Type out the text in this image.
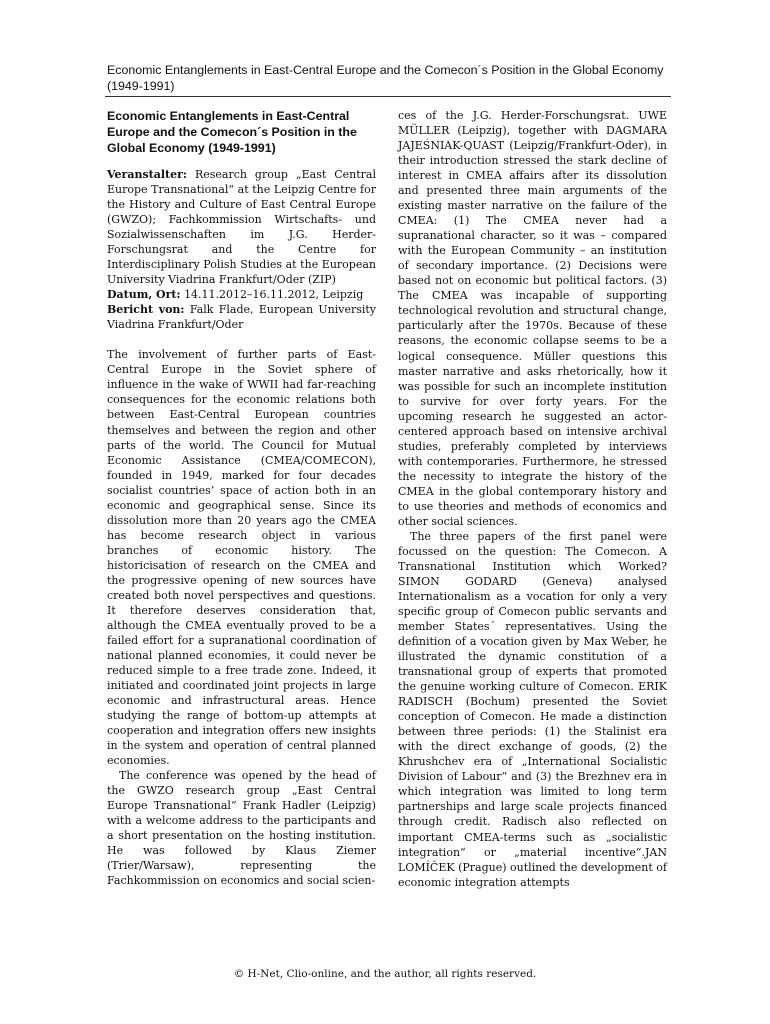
Economic Entanglements in East-Central Europe and the Comecon´s Position in the Global Economy (1949-1991)

Economic Entanglements in East-Central Europe and the Comecon´s Position in the Global Economy (1949-1991)

Veranstalter: Research group „East Central Europe Transnational“ at the Leipzig Centre for the History and Culture of East Central Europe (GWZO); Fachkommission Wirtschafts- und Sozialwissenschaften im J.G. Herder-Forschungsrat and the Centre for Interdisciplinary Polish Studies at the European University Viadrina Frankfurt/Oder (ZIP)
Datum, Ort: 14.11.2012–16.11.2012, Leipzig
Bericht von: Falk Flade, European University Viadrina Frankfurt/Oder

The involvement of further parts of East-Central Europe in the Soviet sphere of influence in the wake of WWII had far-reaching consequences for the economic relations both between East-Central European countries themselves and between the region and other parts of the world. The Council for Mutual Economic Assistance (CMEA/COMECON), founded in 1949, marked for four decades socialist countries’ space of action both in an economic and geographical sense. Since its dissolution more than 20 years ago the CMEA has become research object in various branches of economic history. The historicisation of research on the CMEA and the progressive opening of new sources have created both novel perspectives and questions. It therefore deserves consideration that, although the CMEA eventually proved to be a failed effort for a supranational coordination of national planned economies, it could never be reduced simple to a free trade zone. Indeed, it initiated and coordinated joint projects in large economic and infrastructural areas. Hence studying the range of bottom-up attempts at cooperation and integration offers new insights in the system and operation of central planned economies.

The conference was opened by the head of the GWZO research group „East Central Europe Transnational“ Frank Hadler (Leipzig) with a welcome address to the participants and a short presentation on the hosting institution. He was followed by Klaus Ziemer (Trier/Warsaw), representing the Fachkommission on economics and social scien-

ces of the J.G. Herder-Forschungsrat. UWE MÜLLER (Leipzig), together with DAGMARA JAJEŚNIAK-QUAST (Leipzig/Frankfurt-Oder), in their introduction stressed the stark decline of interest in CMEA affairs after its dissolution and presented three main arguments of the existing master narrative on the failure of the CMEA: (1) The CMEA never had a supranational character, so it was – compared with the European Community – an institution of secondary importance. (2) Decisions were based not on economic but political factors. (3) The CMEA was incapable of supporting technological revolution and structural change, particularly after the 1970s. Because of these reasons, the economic collapse seems to be a logical consequence. Müller questions this master narrative and asks rhetorically, how it was possible for such an incomplete institution to survive for over forty years. For the upcoming research he suggested an actor-centered approach based on intensive archival studies, preferably completed by interviews with contemporaries. Furthermore, he stressed the necessity to integrate the history of the CMEA in the global contemporary history and to use theories and methods of economics and other social sciences.

The three papers of the first panel were focussed on the question: The Comecon. A Transnational Institution which Worked? SIMON GODARD (Geneva) analysed Internationalism as a vocation for only a very specific group of Comecon public servants and member States´ representatives. Using the definition of a vocation given by Max Weber, he illustrated the dynamic constitution of a transnational group of experts that promoted the genuine working culture of Comecon. ERIK RADISCH (Bochum) presented the Soviet conception of Comecon. He made a distinction between three periods: (1) the Stalinist era with the direct exchange of goods, (2) the Khrushchev era of „International Socialistic Division of Labour“ and (3) the Brezhnev era in which integration was limited to long term partnerships and large scale projects financed through credit. Radisch also reflected on important CMEA-terms such as „socialistic integration“ or „material incentive“.JAN LOMÍČEK (Prague) outlined the development of economic integration attempts

© H-Net, Clio-online, and the author, all rights reserved.
